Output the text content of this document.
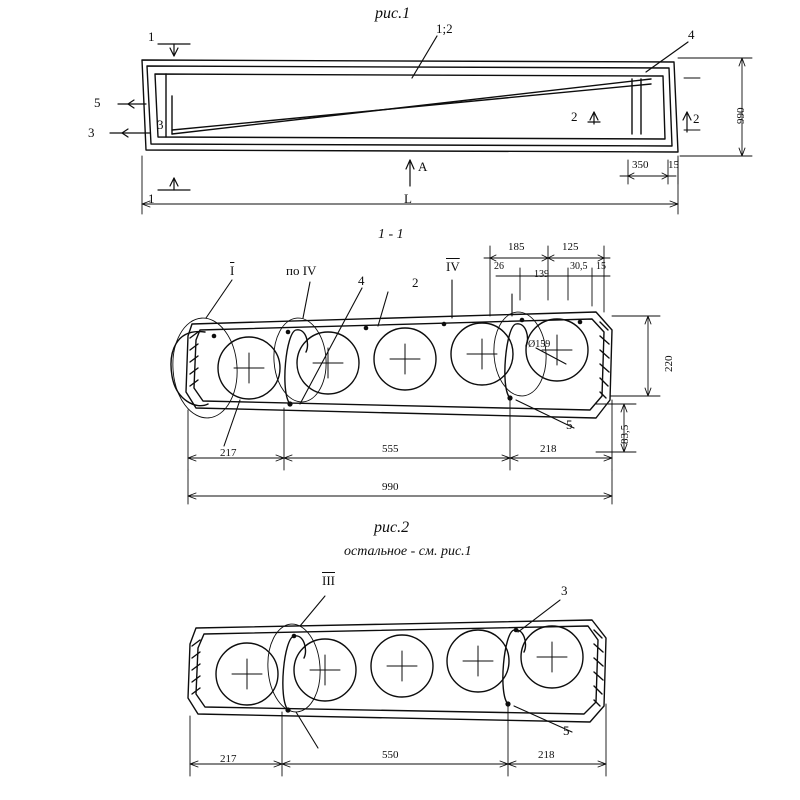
рис.1
1;2	4
1
1
5
3
3
2	2
A
990
350 15
L
1 - 1
$\overline{I}$	по IV
4	2
$\overline{IV}$
5
Ø159
185	125
26
139
30,5 15
220
83,5
217	555	218
990
рис.2
остальное - см. рис.1
$\overline{III}$
3
5
217	550	218
